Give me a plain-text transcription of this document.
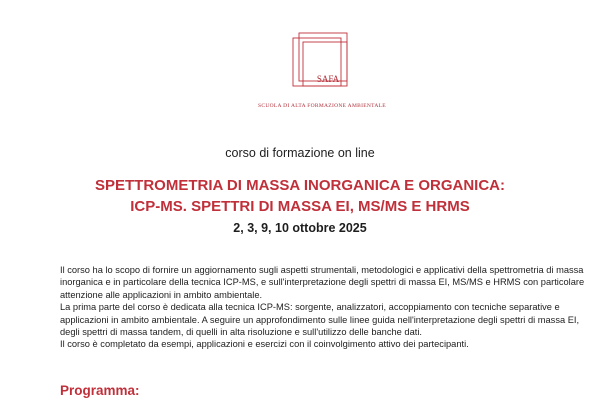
SAFA
SCUOLA DI ALTA FORMAZIONE AMBIENTALE
corso di formazione on line
SPETTROMETRIA DI MASSA INORGANICA E ORGANICA:
ICP-MS. SPETTRI DI MASSA EI, MS/MS E HRMS
2, 3, 9, 10 ottobre 2025

Il corso ha lo scopo di fornire un aggiornamento sugli aspetti strumentali, metodologici e applicativi della spettrometria di massa inorganica e in particolare della tecnica ICP-MS, e sull'interpretazione degli spettri di massa EI, MS/MS e HRMS con particolare attenzione alle applicazioni in ambito ambientale.

La prima parte del corso è dedicata alla tecnica ICP-MS: sorgente, analizzatori, accoppiamento con tecniche separative e applicazioni in ambito ambientale. A seguire un approfondimento sulle linee guida nell'interpretazione degli spettri di massa EI, degli spettri di massa tandem, di quelli in alta risoluzione e sull'utilizzo delle banche dati.

Il corso è completato da esempi, applicazioni e esercizi con il coinvolgimento attivo dei partecipanti.

Programma:
